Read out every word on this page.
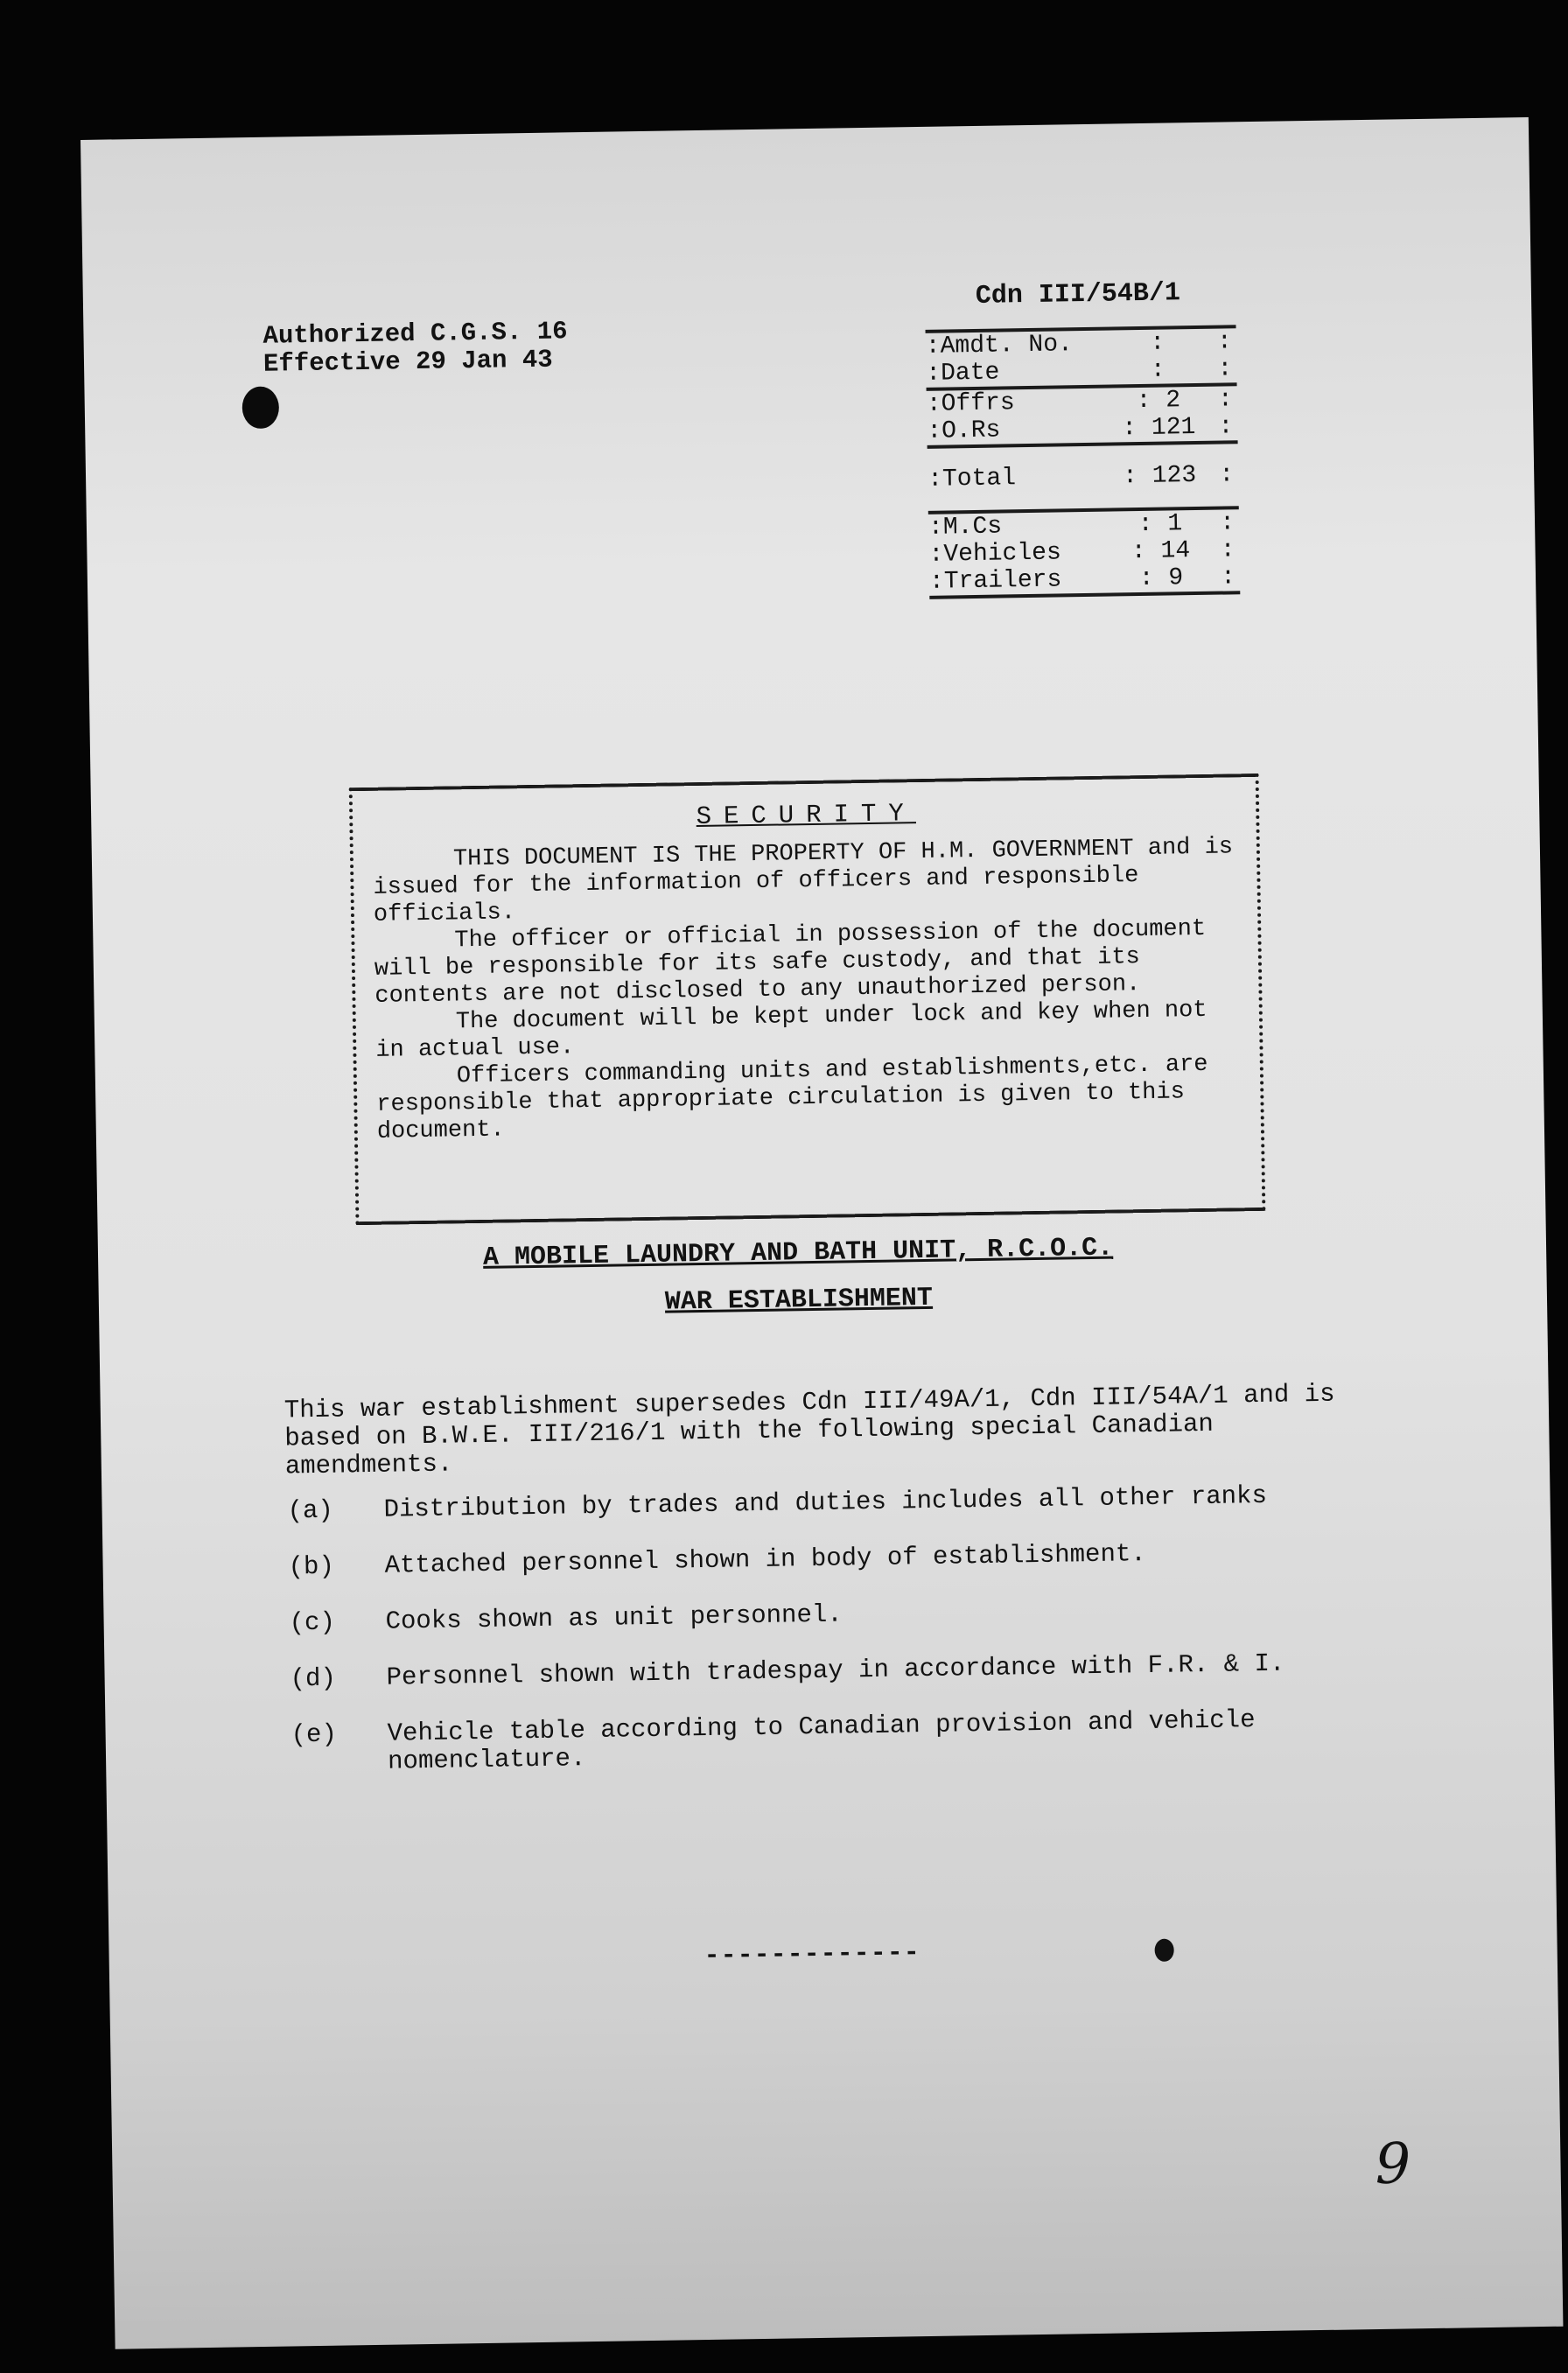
Cdn III/54B/1
Authorized C.G.S. 16
Effective 29 Jan 43	:Amdt. No.	:	:
:Date	:	:
:Offrs	: 2	:
:O.Rs	: 121 :
:Total	: 123 :
:M.Cs	: 1	:
:Vehicles	: 14	:
:Trailers	: 9	:
SECURITY

THIS DOCUMENT IS THE PROPERTY OF H.M. GOVERNMENT and is issued for the information of officers and responsible officials.

The officer or official in possession of the document will be responsible for its safe custody, and that its contents are not disclosed to any unauthorized person.

The document will be kept under lock and key when not in actual use.

Officers commanding units and establishments,etc. are responsible that appropriate circulation is given to this document.

A MOBILE LAUNDRY AND BATH UNIT, R.C.O.C.
WAR ESTABLISHMENT
This war establishment supersedes Cdn III/49A/1, Cdn III/54A/1 and is based on B.W.E. III/216/1 with the following special Canadian amendments.
(a)	Distribution by trades and duties includes all other ranks
(b)	Attached personnel shown in body of establishment.
(c)	Cooks shown as unit personnel.
(d)	Personnel shown with tradespay in accordance with F.R. & I.
(e)	Vehicle table according to Canadian provision and vehicle nomenclature.
-------------
9
